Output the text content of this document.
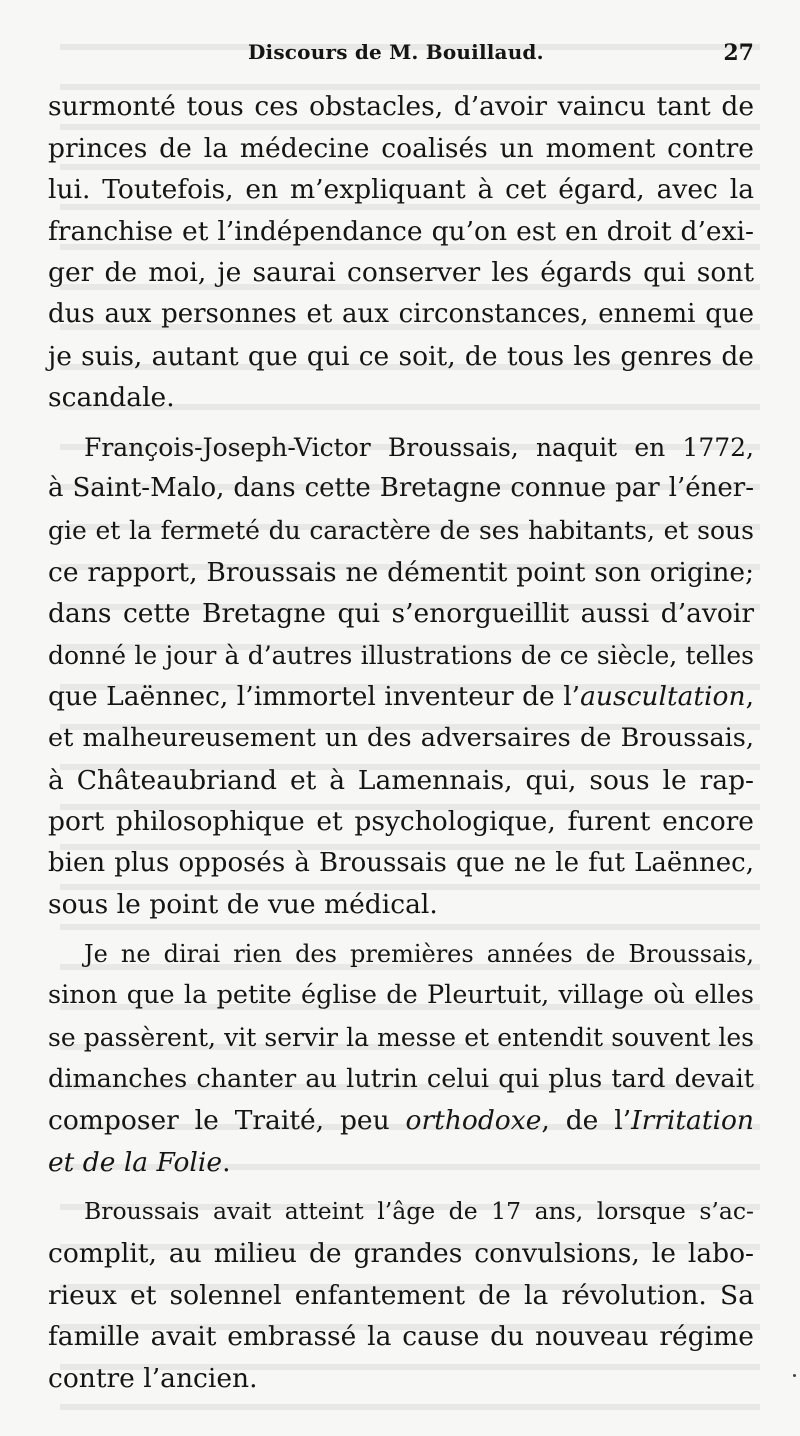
Discours de M. Bouillaud.	27
surmonté tous ces obstacles, d’avoir vaincu tant de
princes de la médecine coalisés un moment contre
lui. Toutefois, en m’expliquant à cet égard, avec la
franchise et l’indépendance qu’on est en droit d’exi-
ger de moi, je saurai conserver les égards qui sont
dus aux personnes et aux circonstances, ennemi que
je suis, autant que qui ce soit, de tous les genres de
scandale.
François-Joseph-Victor Broussais, naquit en 1772,
à Saint-Malo, dans cette Bretagne connue par l’éner-
gie et la fermeté du caractère de ses habitants, et sous
ce rapport, Broussais ne démentit point son origine;
dans cette Bretagne qui s’enorgueillit aussi d’avoir
donné le jour à d’autres illustrations de ce siècle, telles
que Laënnec, l’immortel inventeur de l’auscultation,
et malheureusement un des adversaires de Broussais,
à Châteaubriand et à Lamennais, qui, sous le rap-
port philosophique et psychologique, furent encore
bien plus opposés à Broussais que ne le fut Laënnec,
sous le point de vue médical.
Je ne dirai rien des premières années de Broussais,
sinon que la petite église de Pleurtuit, village où elles
se passèrent, vit servir la messe et entendit souvent les
dimanches chanter au lutrin celui qui plus tard devait
composer le Traité, peu orthodoxe, de l’Irritation
et de la Folie.
Broussais avait atteint l’âge de 17 ans, lorsque s’ac-
complit, au milieu de grandes convulsions, le labo-
rieux et solennel enfantement de la révolution. Sa
famille avait embrassé la cause du nouveau régime
contre l’ancien.
